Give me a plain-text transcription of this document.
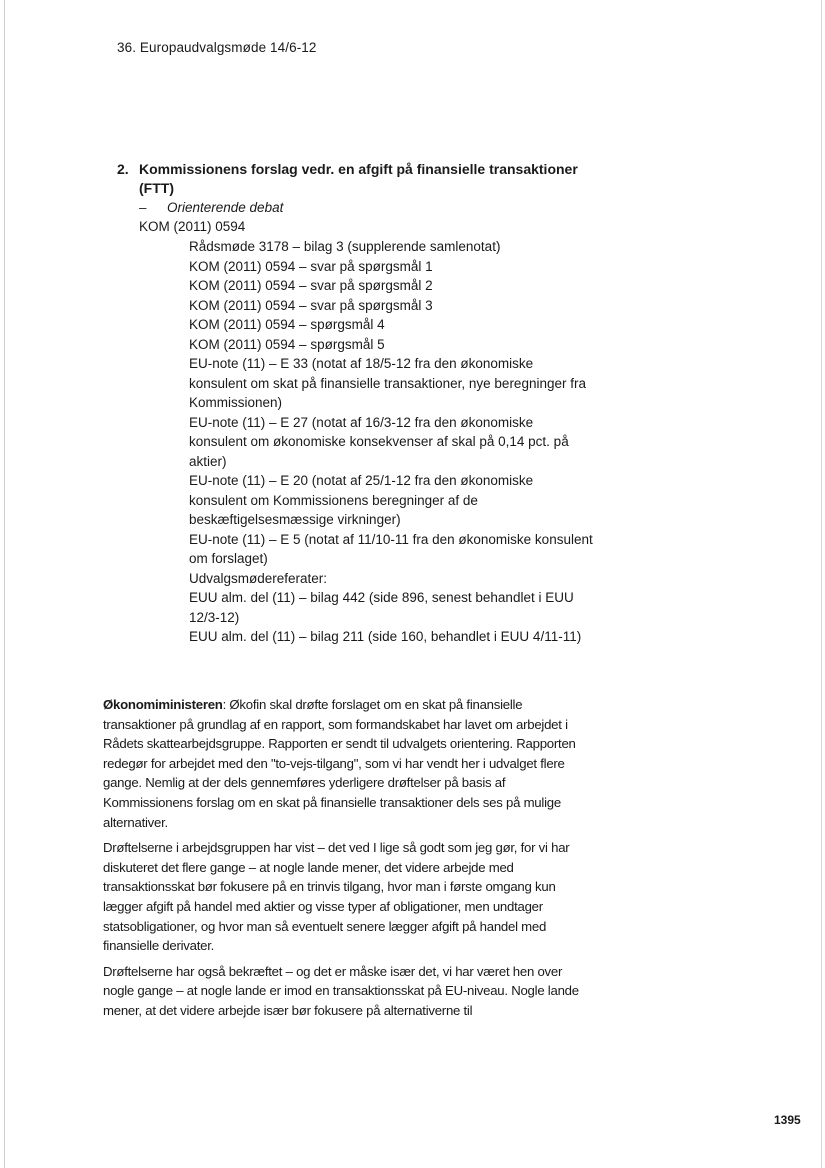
36. Europaudvalgsmøde 14/6-12
2. Kommissionens forslag vedr. en afgift på finansielle transaktioner (FTT)
– Orienterende debat
KOM (2011) 0594
Rådsmøde 3178 – bilag 3 (supplerende samlenotat)
KOM (2011) 0594 – svar på spørgsmål 1
KOM (2011) 0594 – svar på spørgsmål 2
KOM (2011) 0594 – svar på spørgsmål 3
KOM (2011) 0594 – spørgsmål 4
KOM (2011) 0594 – spørgsmål 5
EU-note (11) – E 33 (notat af 18/5-12 fra den økonomiske konsulent om skat på finansielle transaktioner, nye beregninger fra Kommissionen)
EU-note (11) – E 27 (notat af 16/3-12 fra den økonomiske konsulent om økonomiske konsekvenser af skal på 0,14 pct. på aktier)
EU-note (11) – E 20 (notat af 25/1-12 fra den økonomiske konsulent om Kommissionens beregninger af de beskæftigelsesmæssige virkninger)
EU-note (11) – E 5 (notat af 11/10-11 fra den økonomiske konsulent om forslaget)
Udvalgsmødereferater:
EUU alm. del (11) – bilag 442 (side 896, senest behandlet i EUU 12/3-12)
EUU alm. del (11) – bilag 211 (side 160, behandlet i EUU 4/11-11)

Økonomiministeren: Økofin skal drøfte forslaget om en skat på finansielle transaktioner på grundlag af en rapport, som formandskabet har lavet om arbejdet i Rådets skattearbejdsgruppe. Rapporten er sendt til udvalgets orientering. Rapporten redegør for arbejdet med den "to-vejs-tilgang", som vi har vendt her i udvalget flere gange. Nemlig at der dels gennemføres yderligere drøftelser på basis af Kommissionens forslag om en skat på finansielle transaktioner dels ses på mulige alternativer.

Drøftelserne i arbejdsgruppen har vist – det ved I lige så godt som jeg gør, for vi har diskuteret det flere gange – at nogle lande mener, det videre arbejde med transaktionsskat bør fokusere på en trinvis tilgang, hvor man i første omgang kun lægger afgift på handel med aktier og visse typer af obligationer, men undtager statsobligationer, og hvor man så eventuelt senere lægger afgift på handel med finansielle derivater.

Drøftelserne har også bekræftet – og det er måske især det, vi har været hen over nogle gange – at nogle lande er imod en transaktionsskat på EU-niveau. Nogle lande mener, at det videre arbejde især bør fokusere på alternativerne til

1395
